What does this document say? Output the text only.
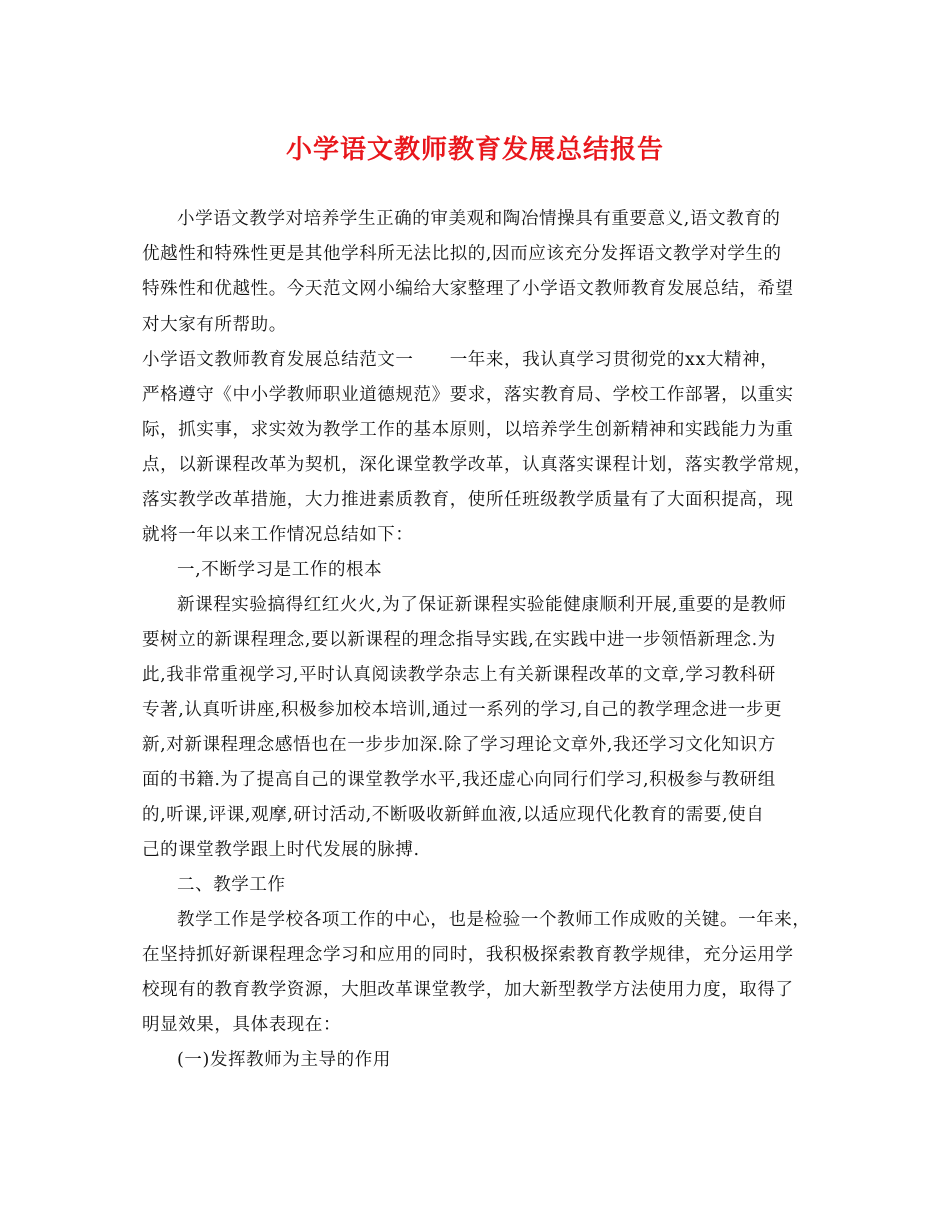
小学语文教师教育发展总结报告
小学语文教学对培养学生正确的审美观和陶冶情操具有重要意义,语文教育的
优越性和特殊性更是其他学科所无法比拟的,因而应该充分发挥语文教学对学生的
特殊性和优越性。今天范文网小编给大家整理了小学语文教师教育发展总结，希望
对大家有所帮助。
小学语文教师教育发展总结范文一　　一年来，我认真学习贯彻党的xx大精神，
严格遵守《中小学教师职业道德规范》要求，落实教育局、学校工作部署，以重实
际，抓实事，求实效为教学工作的基本原则，以培养学生创新精神和实践能力为重
点，以新课程改革为契机，深化课堂教学改革，认真落实课程计划，落实教学常规，
落实教学改革措施，大力推进素质教育，使所任班级教学质量有了大面积提高，现
就将一年以来工作情况总结如下：
一,不断学习是工作的根本
新课程实验搞得红红火火,为了保证新课程实验能健康顺利开展,重要的是教师
要树立的新课程理念,要以新课程的理念指导实践,在实践中进一步领悟新理念.为
此,我非常重视学习,平时认真阅读教学杂志上有关新课程改革的文章,学习教科研
专著,认真听讲座,积极参加校本培训,通过一系列的学习,自己的教学理念进一步更
新,对新课程理念感悟也在一步步加深.除了学习理论文章外,我还学习文化知识方
面的书籍.为了提高自己的课堂教学水平,我还虚心向同行们学习,积极参与教研组
的,听课,评课,观摩,研讨活动,不断吸收新鲜血液,以适应现代化教育的需要,使自
己的课堂教学跟上时代发展的脉搏.
二、教学工作
教学工作是学校各项工作的中心，也是检验一个教师工作成败的关键。一年来，
在坚持抓好新课程理念学习和应用的同时，我积极探索教育教学规律，充分运用学
校现有的教育教学资源，大胆改革课堂教学，加大新型教学方法使用力度，取得了
明显效果，具体表现在：
(一)发挥教师为主导的作用
